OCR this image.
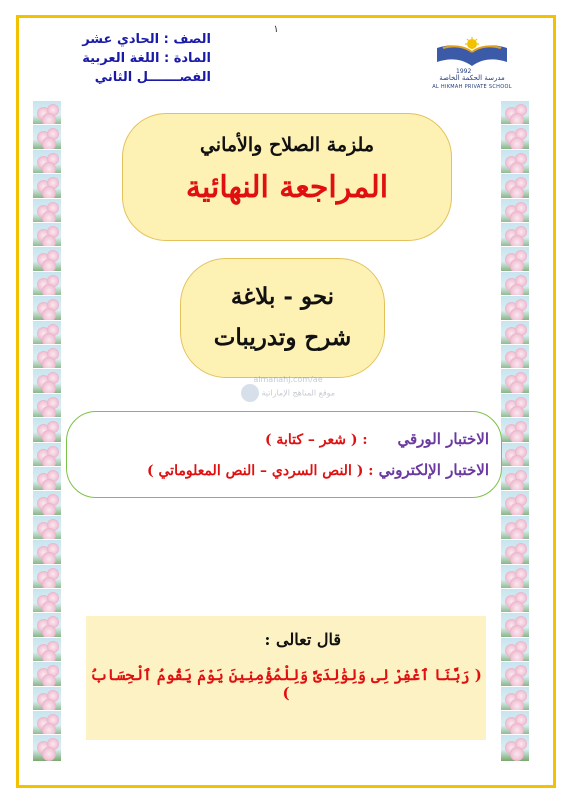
١
الصف : الحادي عشر
المادة : اللغة العربية
الفصـــــــل الثاني	1992
مدرسة الحكمة الخاصة
AL HIKMAH PRIVATE SCHOOL
ملزمة الصلاح والأماني
المراجعة النهائية
نحو - بلاغة
شرح وتدريبات
almanahj.com/ae
موقع المناهج الإماراتية
الاختبار الورقي: ( شعر – كتابة )
الاختبار الإلكتروني : ( النص السردي – النص المعلوماتي )
قال تعالى :
( رَبَّنَا ٱغْفِرْ لِى وَلِوَٰلِدَىَّ وَلِلْمُؤْمِنِينَ يَوْمَ يَقُومُ ٱلْحِسَابُ )
